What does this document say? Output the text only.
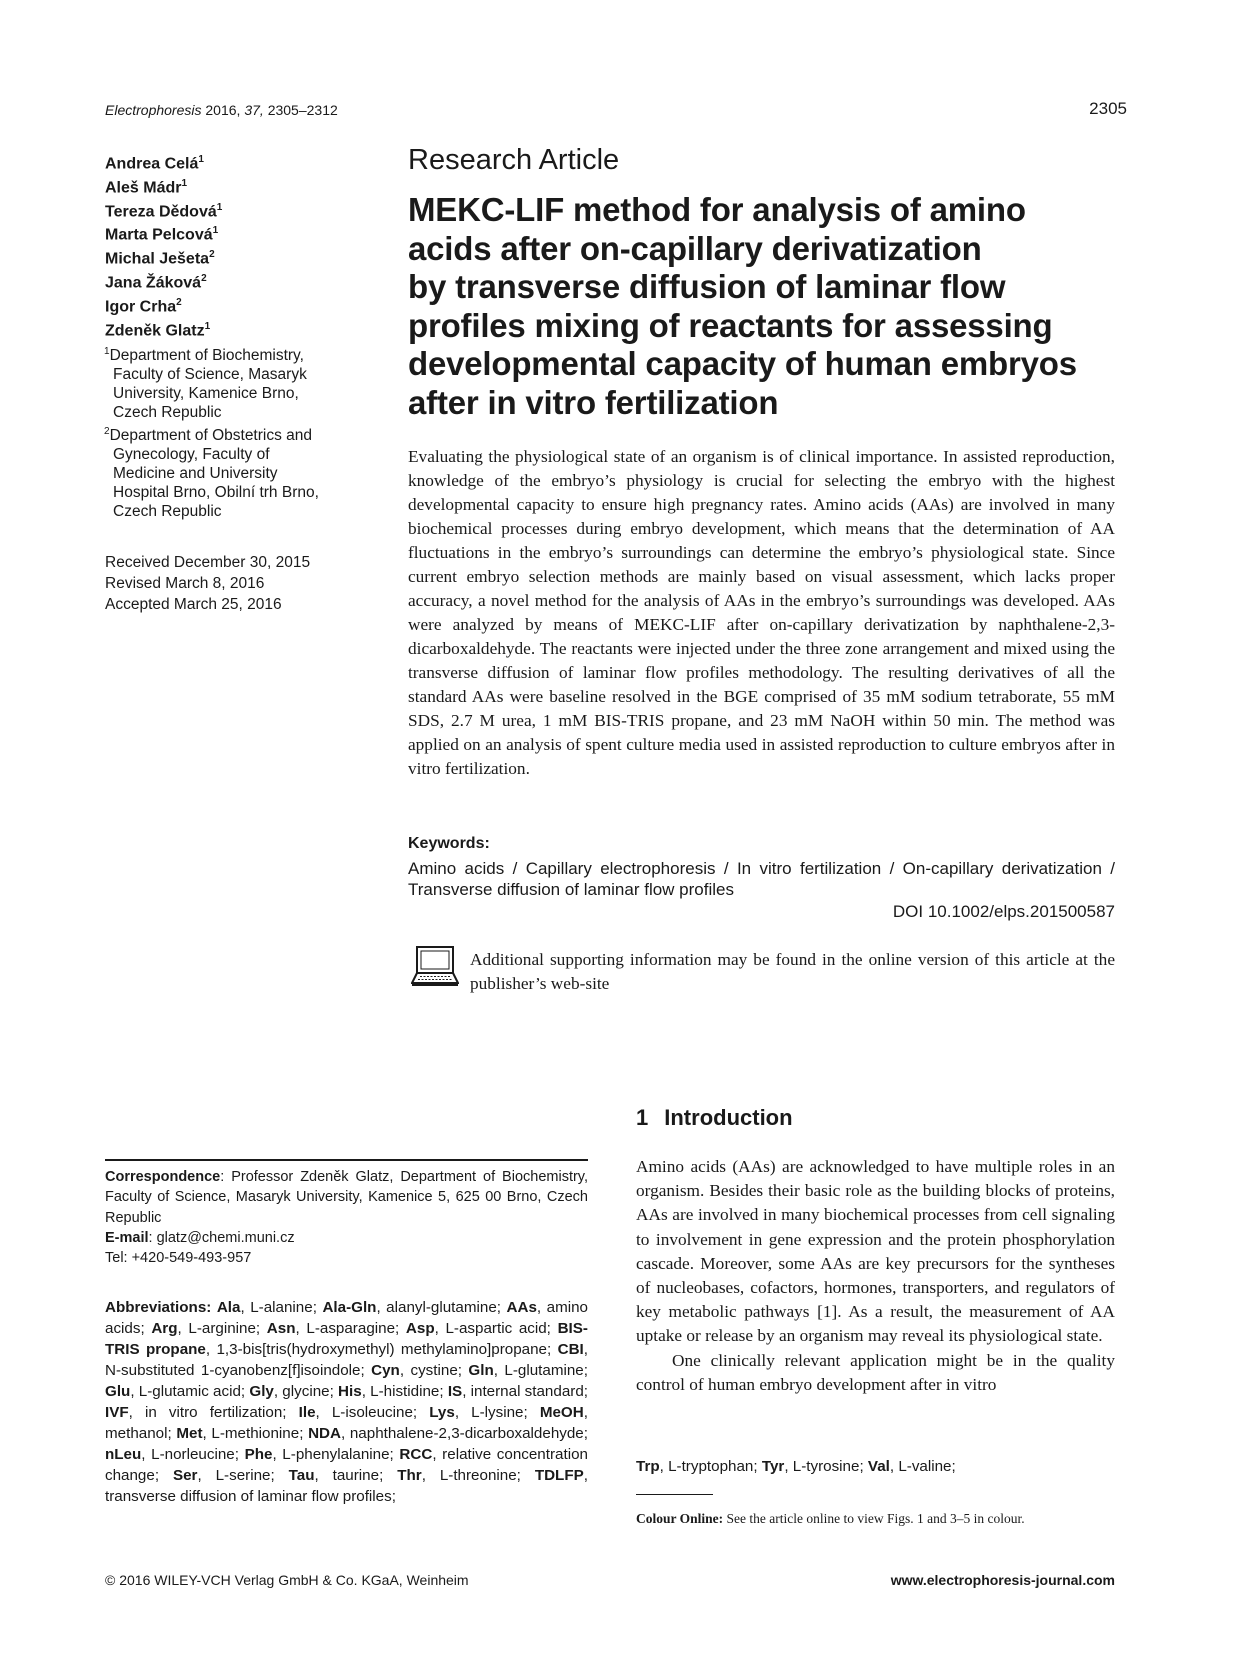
Electrophoresis 2016, 37, 2305–2312	2305
Andrea Celá$^1$
Aleš Mádr$^1$
Tereza Dědová$^1$
Marta Pelcová$^1$
Michal Ješeta$^2$
Jana Žáková$^2$
Igor Crha$^2$
Zdeněk Glatz$^1$
$^1$Department of Biochemistry,
Faculty of Science, Masaryk
University, Kamenice Brno,
Czech Republic
$^2$Department of Obstetrics and
Gynecology, Faculty of
Medicine and University
Hospital Brno, Obilní trh Brno,
Czech Republic
Received December 30, 2015
Revised March 8, 2016
Accepted March 25, 2016
Research Article
MEKC-LIF method for analysis of amino
acids after on-capillary derivatization
by transverse diffusion of laminar flow
profiles mixing of reactants for assessing
developmental capacity of human embryos
after in vitro fertilization
Evaluating the physiological state of an organism is of clinical importance. In assisted reproduction, knowledge of the embryo’s physiology is crucial for selecting the embryo with the highest developmental capacity to ensure high pregnancy rates. Amino acids (AAs) are involved in many biochemical processes during embryo development, which means that the determination of AA fluctuations in the embryo’s surroundings can determine the embryo’s physiological state. Since current embryo selection methods are mainly based on visual assessment, which lacks proper accuracy, a novel method for the analysis of AAs in the embryo’s surroundings was developed. AAs were analyzed by means of MEKC-LIF after on-capillary derivatization by naphthalene-2,3-dicarboxaldehyde. The reactants were injected under the three zone arrangement and mixed using the transverse diffusion of laminar flow profiles methodology. The resulting derivatives of all the standard AAs were baseline resolved in the BGE comprised of 35 mM sodium tetraborate, 55 mM SDS, 2.7 M urea, 1 mM BIS-TRIS propane, and 23 mM NaOH within 50 min. The method was applied on an analysis of spent culture media used in assisted reproduction to culture embryos after in vitro fertilization.
Keywords:
Amino acids / Capillary electrophoresis / In vitro fertilization / On-capillary derivatization / Transverse diffusion of laminar flow profiles
DOI 10.1002/elps.201500587
Additional supporting information may be found in the online version of this article at the publisher’s web-site
1 Introduction

Amino acids (AAs) are acknowledged to have multiple roles in an organism. Besides their basic role as the building blocks of proteins, AAs are involved in many biochemical processes from cell signaling to involvement in gene expression and the protein phosphorylation cascade. Moreover, some AAs are key precursors for the syntheses of nucleobases, cofactors, hormones, transporters, and regulators of key metabolic pathways [1]. As a result, the measurement of AA uptake or release by an organism may reveal its physiological state.

One clinically relevant application might be in the quality control of human embryo development after in vitro

Correspondence: Professor Zdeněk Glatz, Department of Biochemistry, Faculty of Science, Masaryk University, Kamenice 5, 625 00 Brno, Czech Republic
E-mail: glatz@chemi.muni.cz
Tel: +420-549-493-957
Abbreviations: Ala, L-alanine; Ala-Gln, alanyl-glutamine; AAs, amino acids; Arg, L-arginine; Asn, L-asparagine; Asp, L-aspartic acid; BIS-TRIS propane, 1,3-bis[tris(hydroxymethyl) methylamino]propane; CBI, N-substituted 1-cyanobenz[f]isoindole; Cyn, cystine; Gln, L-glutamine; Glu, L-glutamic acid; Gly, glycine; His, L-histidine; IS, internal standard; IVF, in vitro fertilization; Ile, L-isoleucine; Lys, L-lysine; MeOH, methanol; Met, L-methionine; NDA, naphthalene-2,3-dicarboxaldehyde; nLeu, L-norleucine; Phe, L-phenylalanine; RCC, relative concentration change; Ser, L-serine; Tau, taurine; Thr, L-threonine; TDLFP, transverse diffusion of laminar flow profiles;
Trp, L-tryptophan; Tyr, L-tyrosine; Val, L-valine;
Colour Online: See the article online to view Figs. 1 and 3–5 in colour.
© 2016 WILEY-VCH Verlag GmbH & Co. KGaA, Weinheim	www.electrophoresis-journal.com
